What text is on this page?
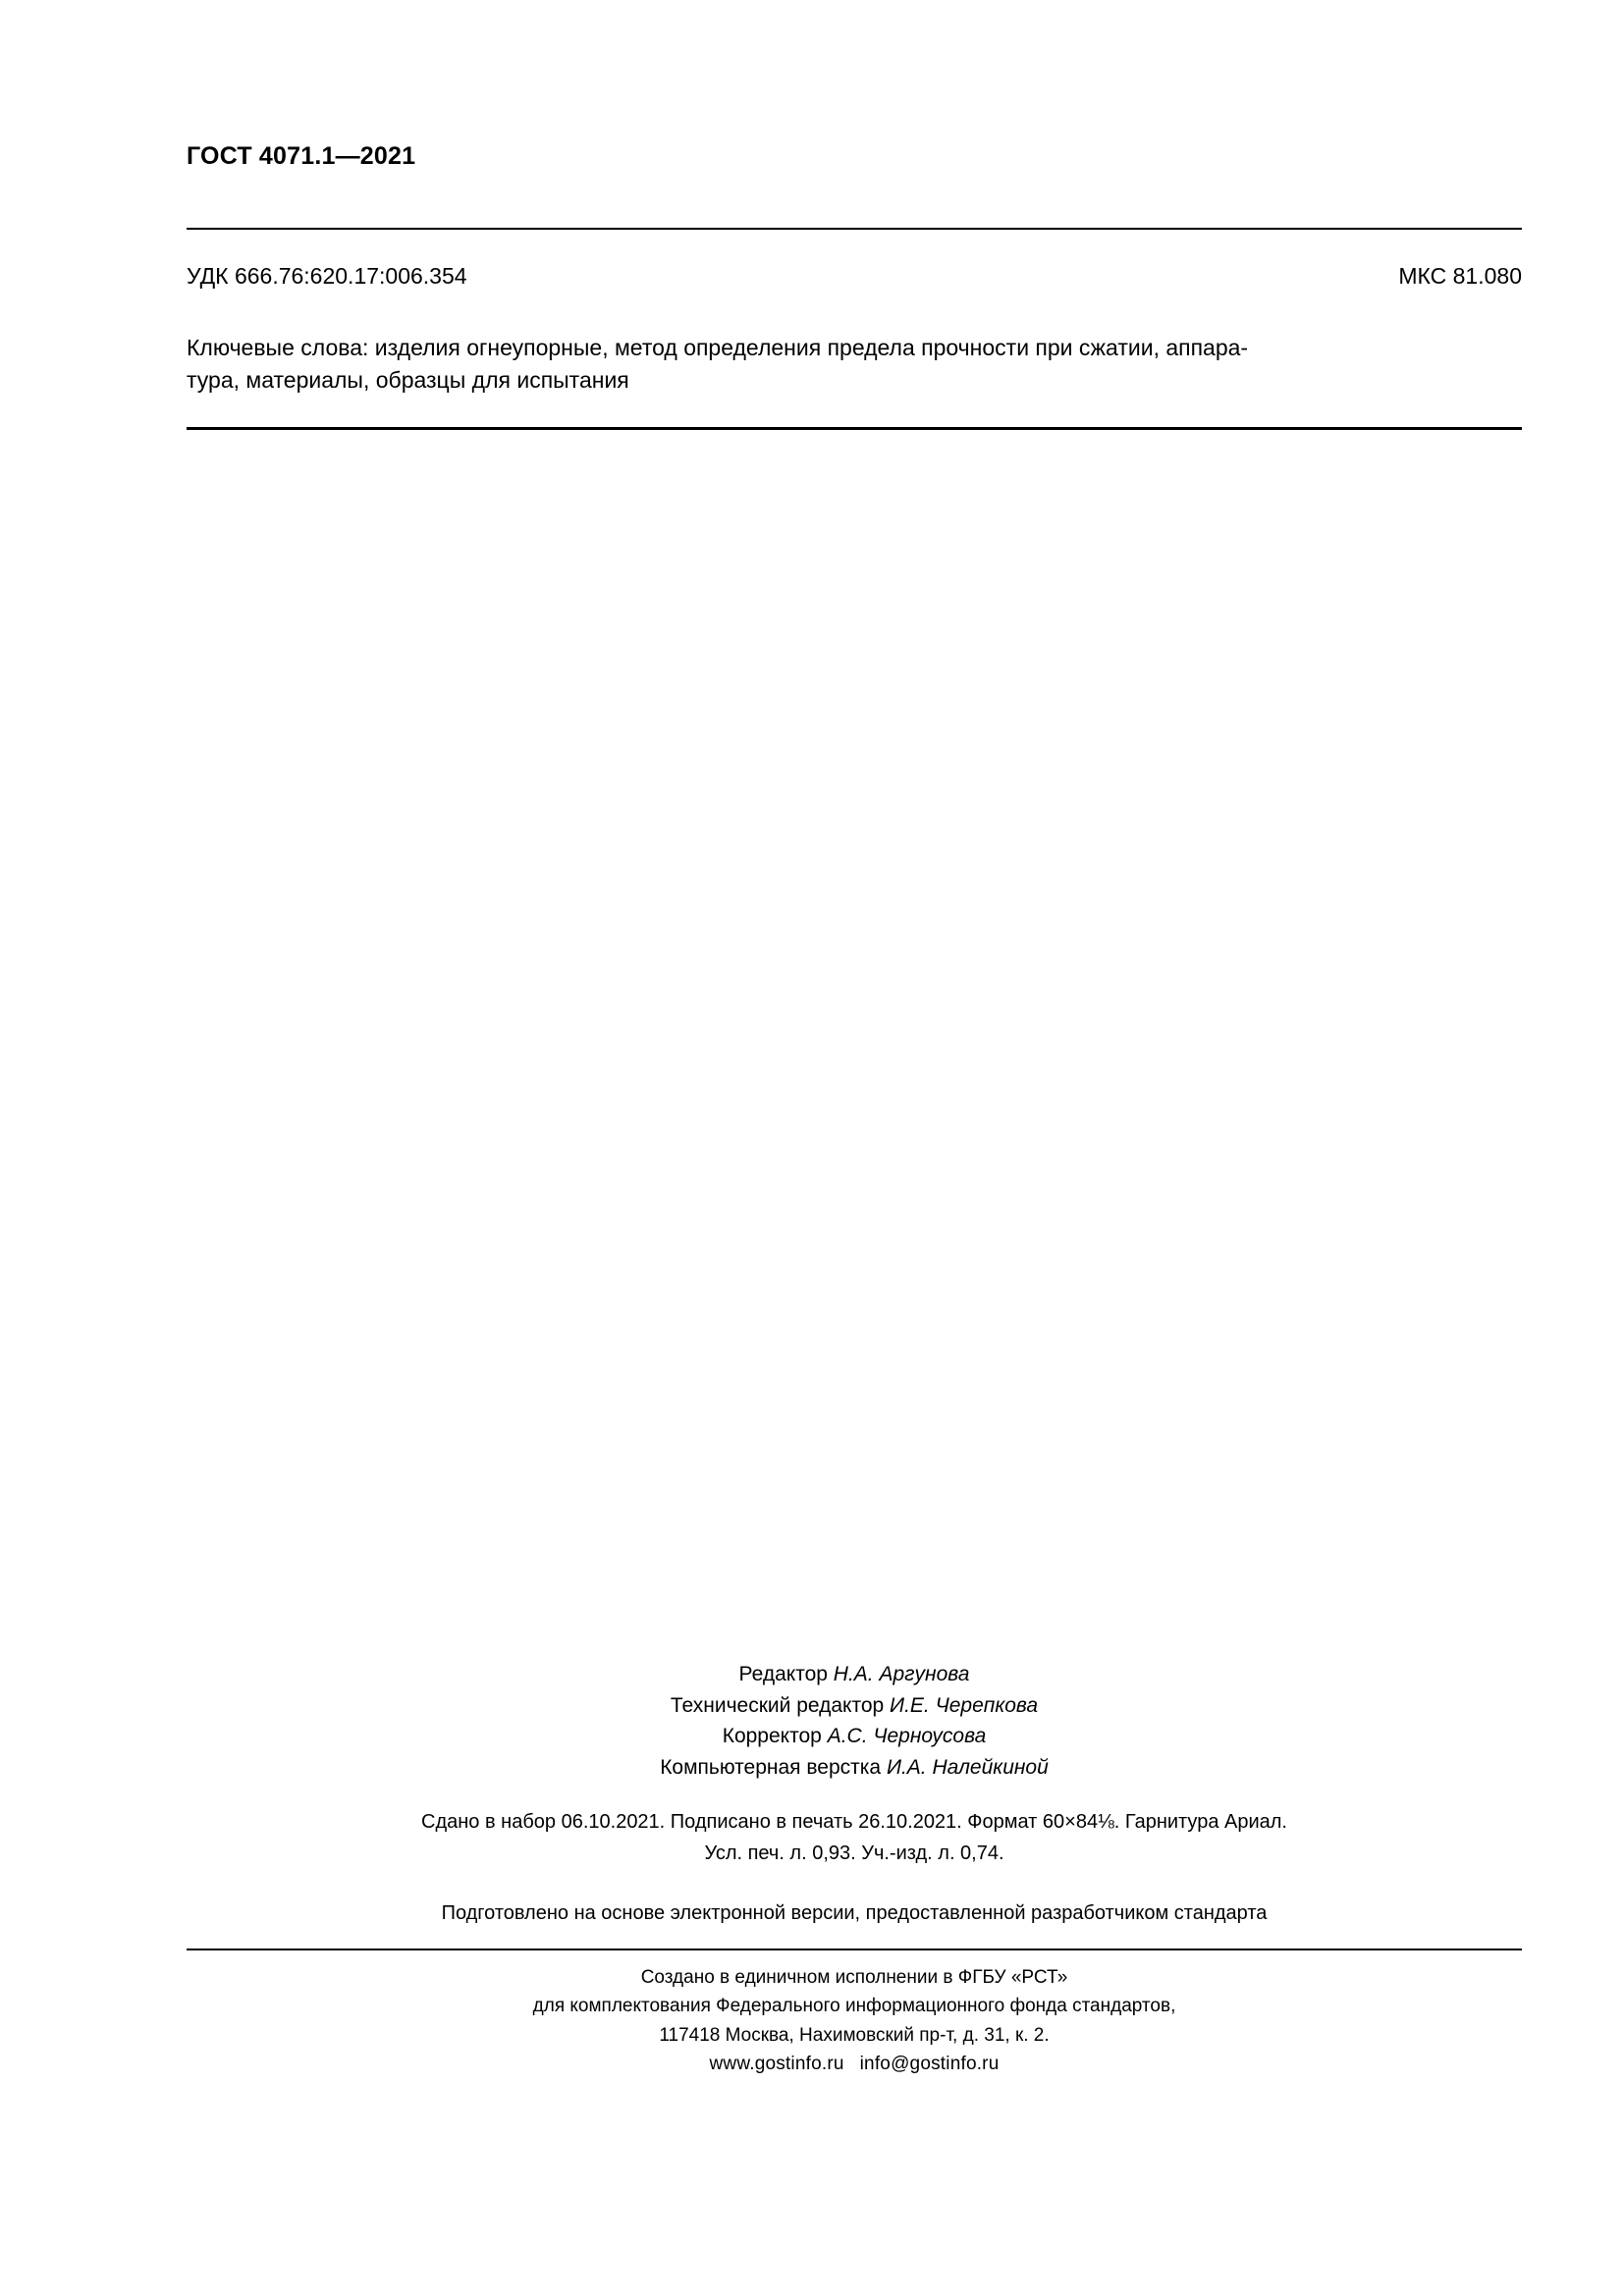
ГОСТ 4071.1—2021
УДК 666.76:620.17:006.354	МКС 81.080
Ключевые слова: изделия огнеупорные, метод определения предела прочности при сжатии, аппара-
тура, материалы, образцы для испытания
Редактор Н.А. Аргунова
Технический редактор И.Е. Черепкова
Корректор А.С. Черноусова
Компьютерная верстка И.А. Налейкиной
Сдано в набор 06.10.2021. Подписано в печать 26.10.2021. Формат 60×84⅛. Гарнитура Ариал.
Усл. печ. л. 0,93. Уч.-изд. л. 0,74.
Подготовлено на основе электронной версии, предоставленной разработчиком стандарта
Создано в единичном исполнении в ФГБУ «РСТ»
для комплектования Федерального информационного фонда стандартов,
117418 Москва, Нахимовский пр-т, д. 31, к. 2.
www.gostinfo.ru info@gostinfo.ru
